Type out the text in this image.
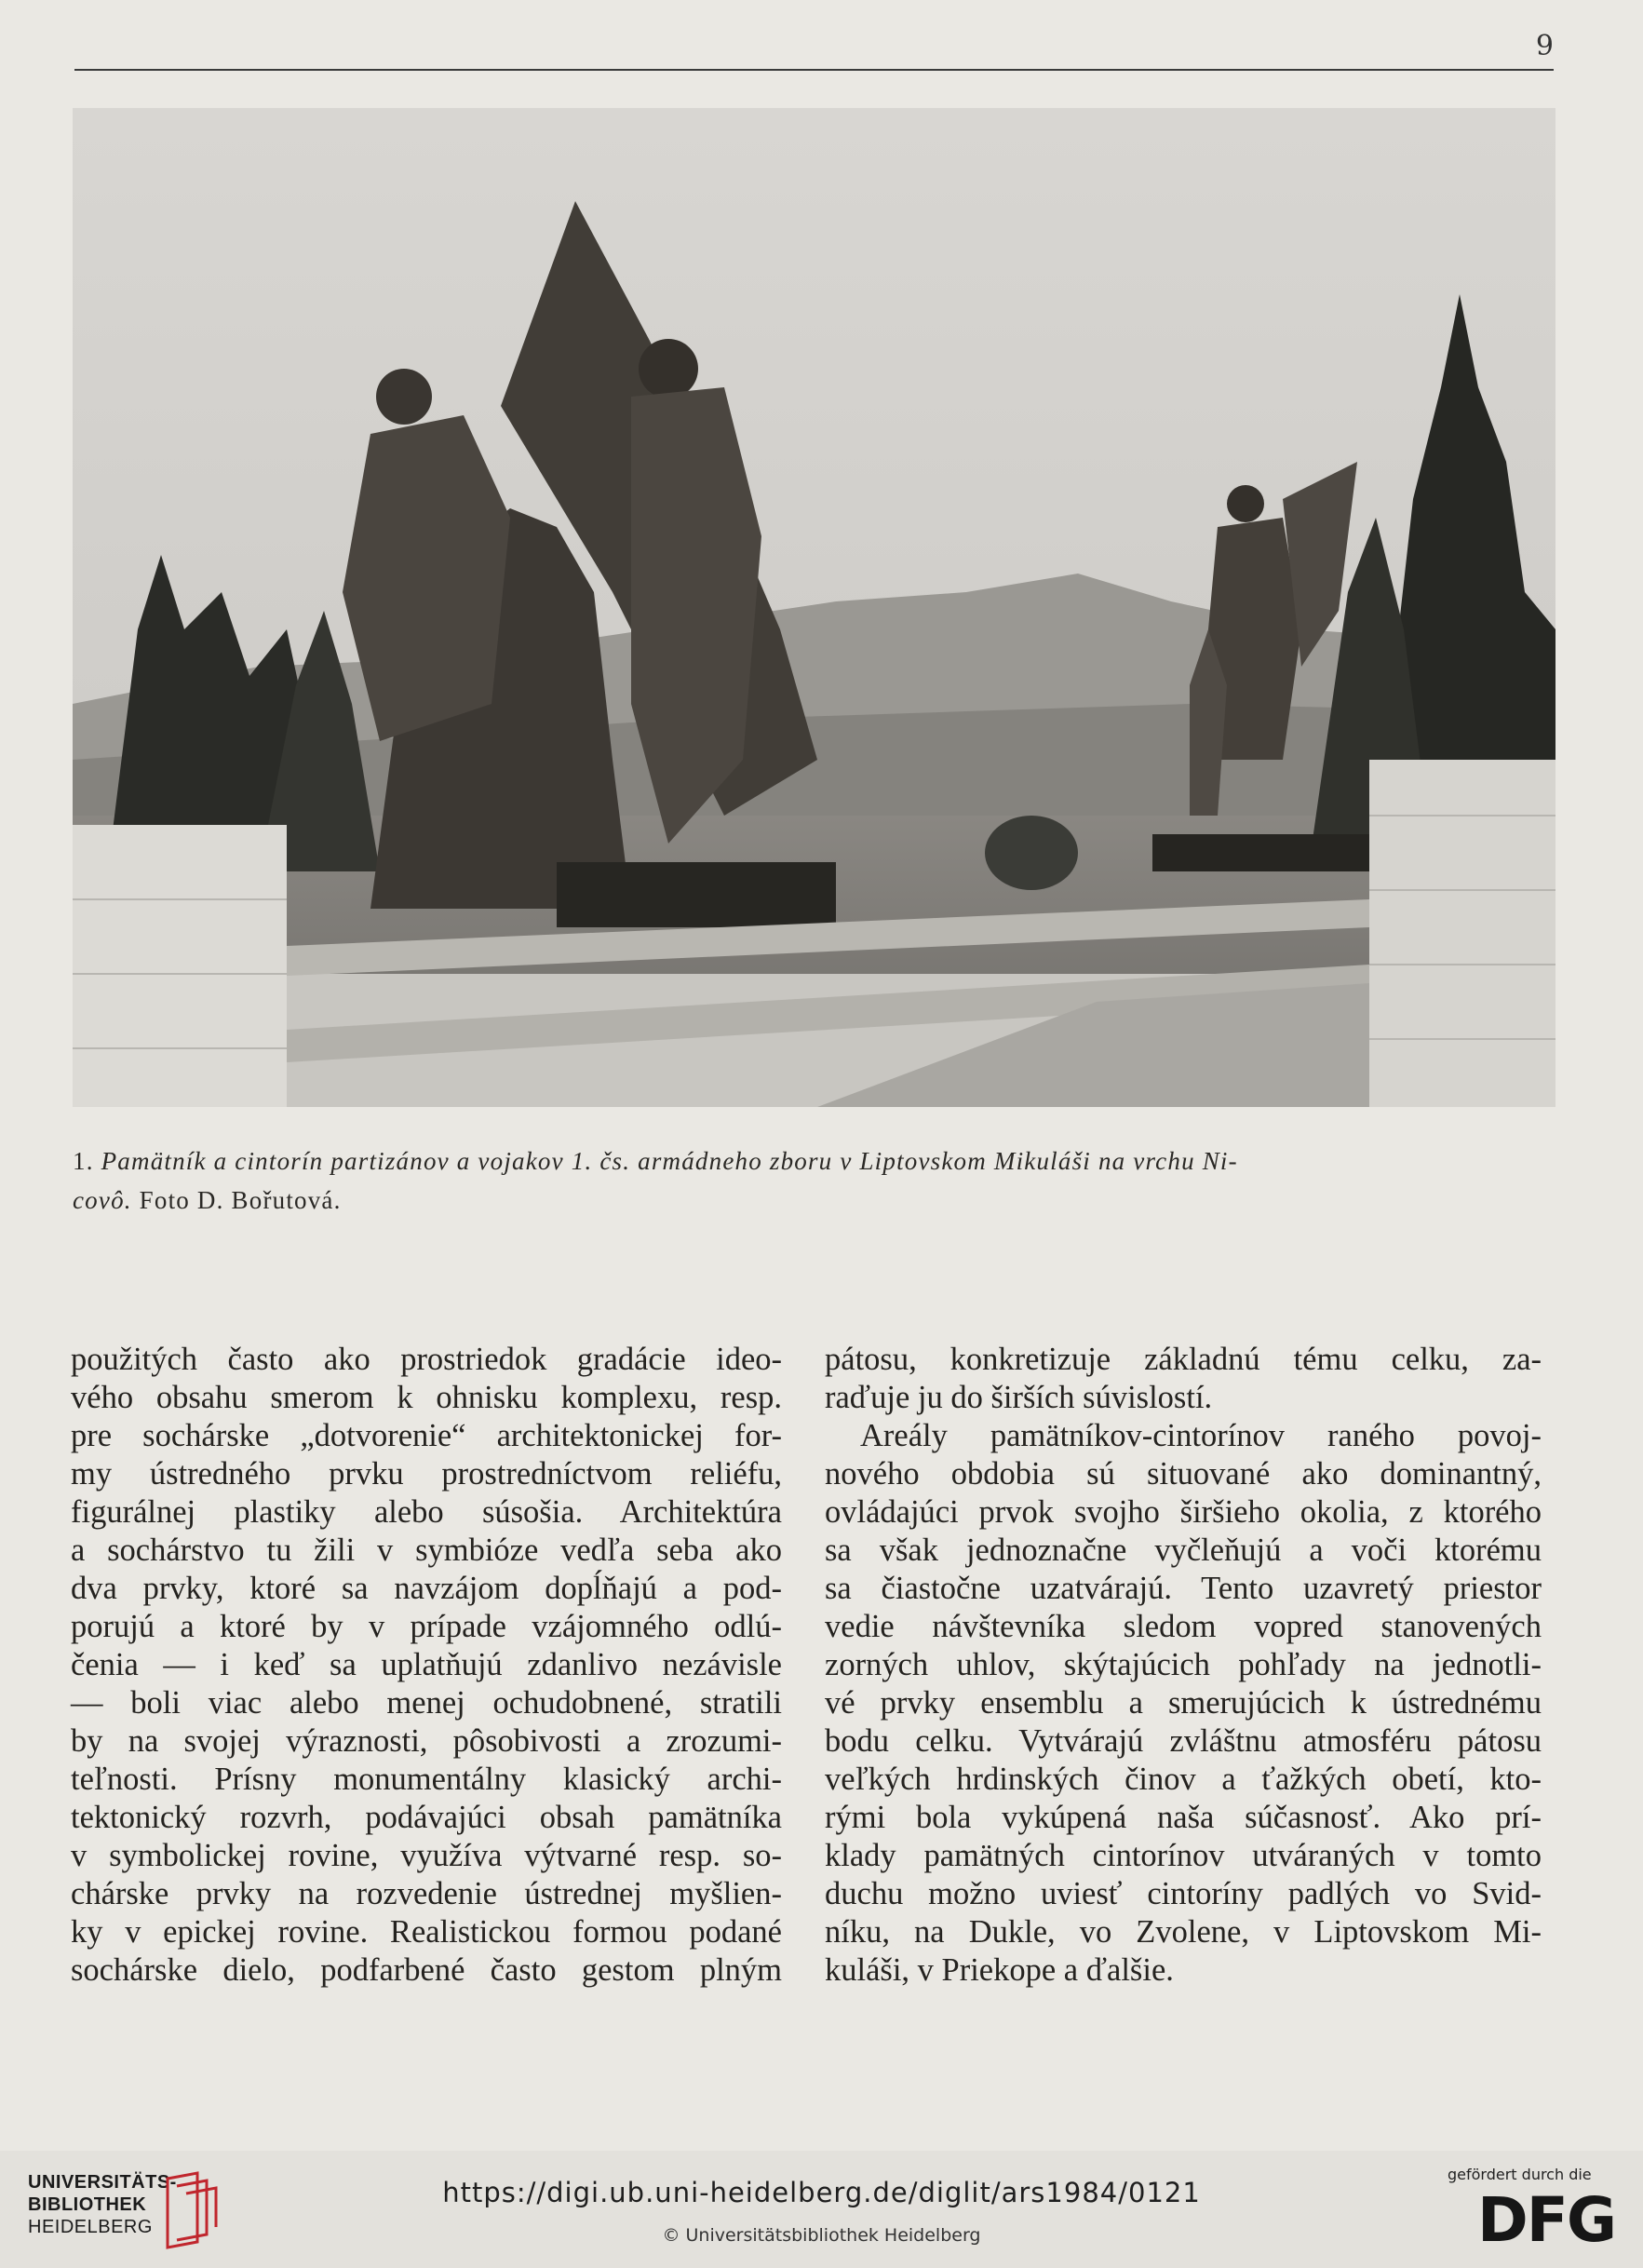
9
1. Pamätník a cintorín partizánov a vojakov 1. čs. armádneho zboru v Liptovskom Mikuláši na vrchu Ni-
covô. Foto D. Bořutová.
použitých často ako prostriedok gradácie ideo-
vého obsahu smerom k ohnisku komplexu, resp.
pre sochárske „dotvorenie“ architektonickej for-
my ústredného prvku prostredníctvom reliéfu,
figurálnej plastiky alebo súsošia. Architektúra
a sochárstvo tu žili v symbióze vedľa seba ako
dva prvky, ktoré sa navzájom dopĺňajú a pod-
porujú a ktoré by v prípade vzájomného odlú-
čenia — i keď sa uplatňujú zdanlivo nezávisle
— boli viac alebo menej ochudobnené, stratili
by na svojej výraznosti, pôsobivosti a zrozumi-
teľnosti. Prísny monumentálny klasický archi-
tektonický rozvrh, podávajúci obsah pamätníka
v symbolickej rovine, využíva výtvarné resp. so-
chárske prvky na rozvedenie ústrednej myšlien-
ky v epickej rovine. Realistickou formou podané
sochárske dielo, podfarbené často gestom plným
pátosu, konkretizuje základnú tému celku, za-
raďuje ju do širších súvislostí.
Areály pamätníkov-cintorínov raného povoj-
nového obdobia sú situované ako dominantný,
ovládajúci prvok svojho širšieho okolia, z ktorého
sa však jednoznačne vyčleňujú a voči ktorému
sa čiastočne uzatvárajú. Tento uzavretý priestor
vedie návštevníka sledom vopred stanovených
zorných uhlov, skýtajúcich pohľady na jednotli-
vé prvky ensemblu a smerujúcich k ústrednému
bodu celku. Vytvárajú zvláštnu atmosféru pátosu
veľkých hrdinských činov a ťažkých obetí, kto-
rými bola vykúpená naša súčasnosť. Ako prí-
klady pamätných cintorínov utváraných v tomto
duchu možno uviesť cintoríny padlých vo Svid-
níku, na Dukle, vo Zvolene, v Liptovskom Mi-
kuláši, v Priekope a ďalšie.
UNIVERSITÄTS-
BIBLIOTHEK
HEIDELBERG
https://digi.ub.uni-heidelberg.de/diglit/ars1984/0121
© Universitätsbibliothek Heidelberg
gefördert durch die
DFG
